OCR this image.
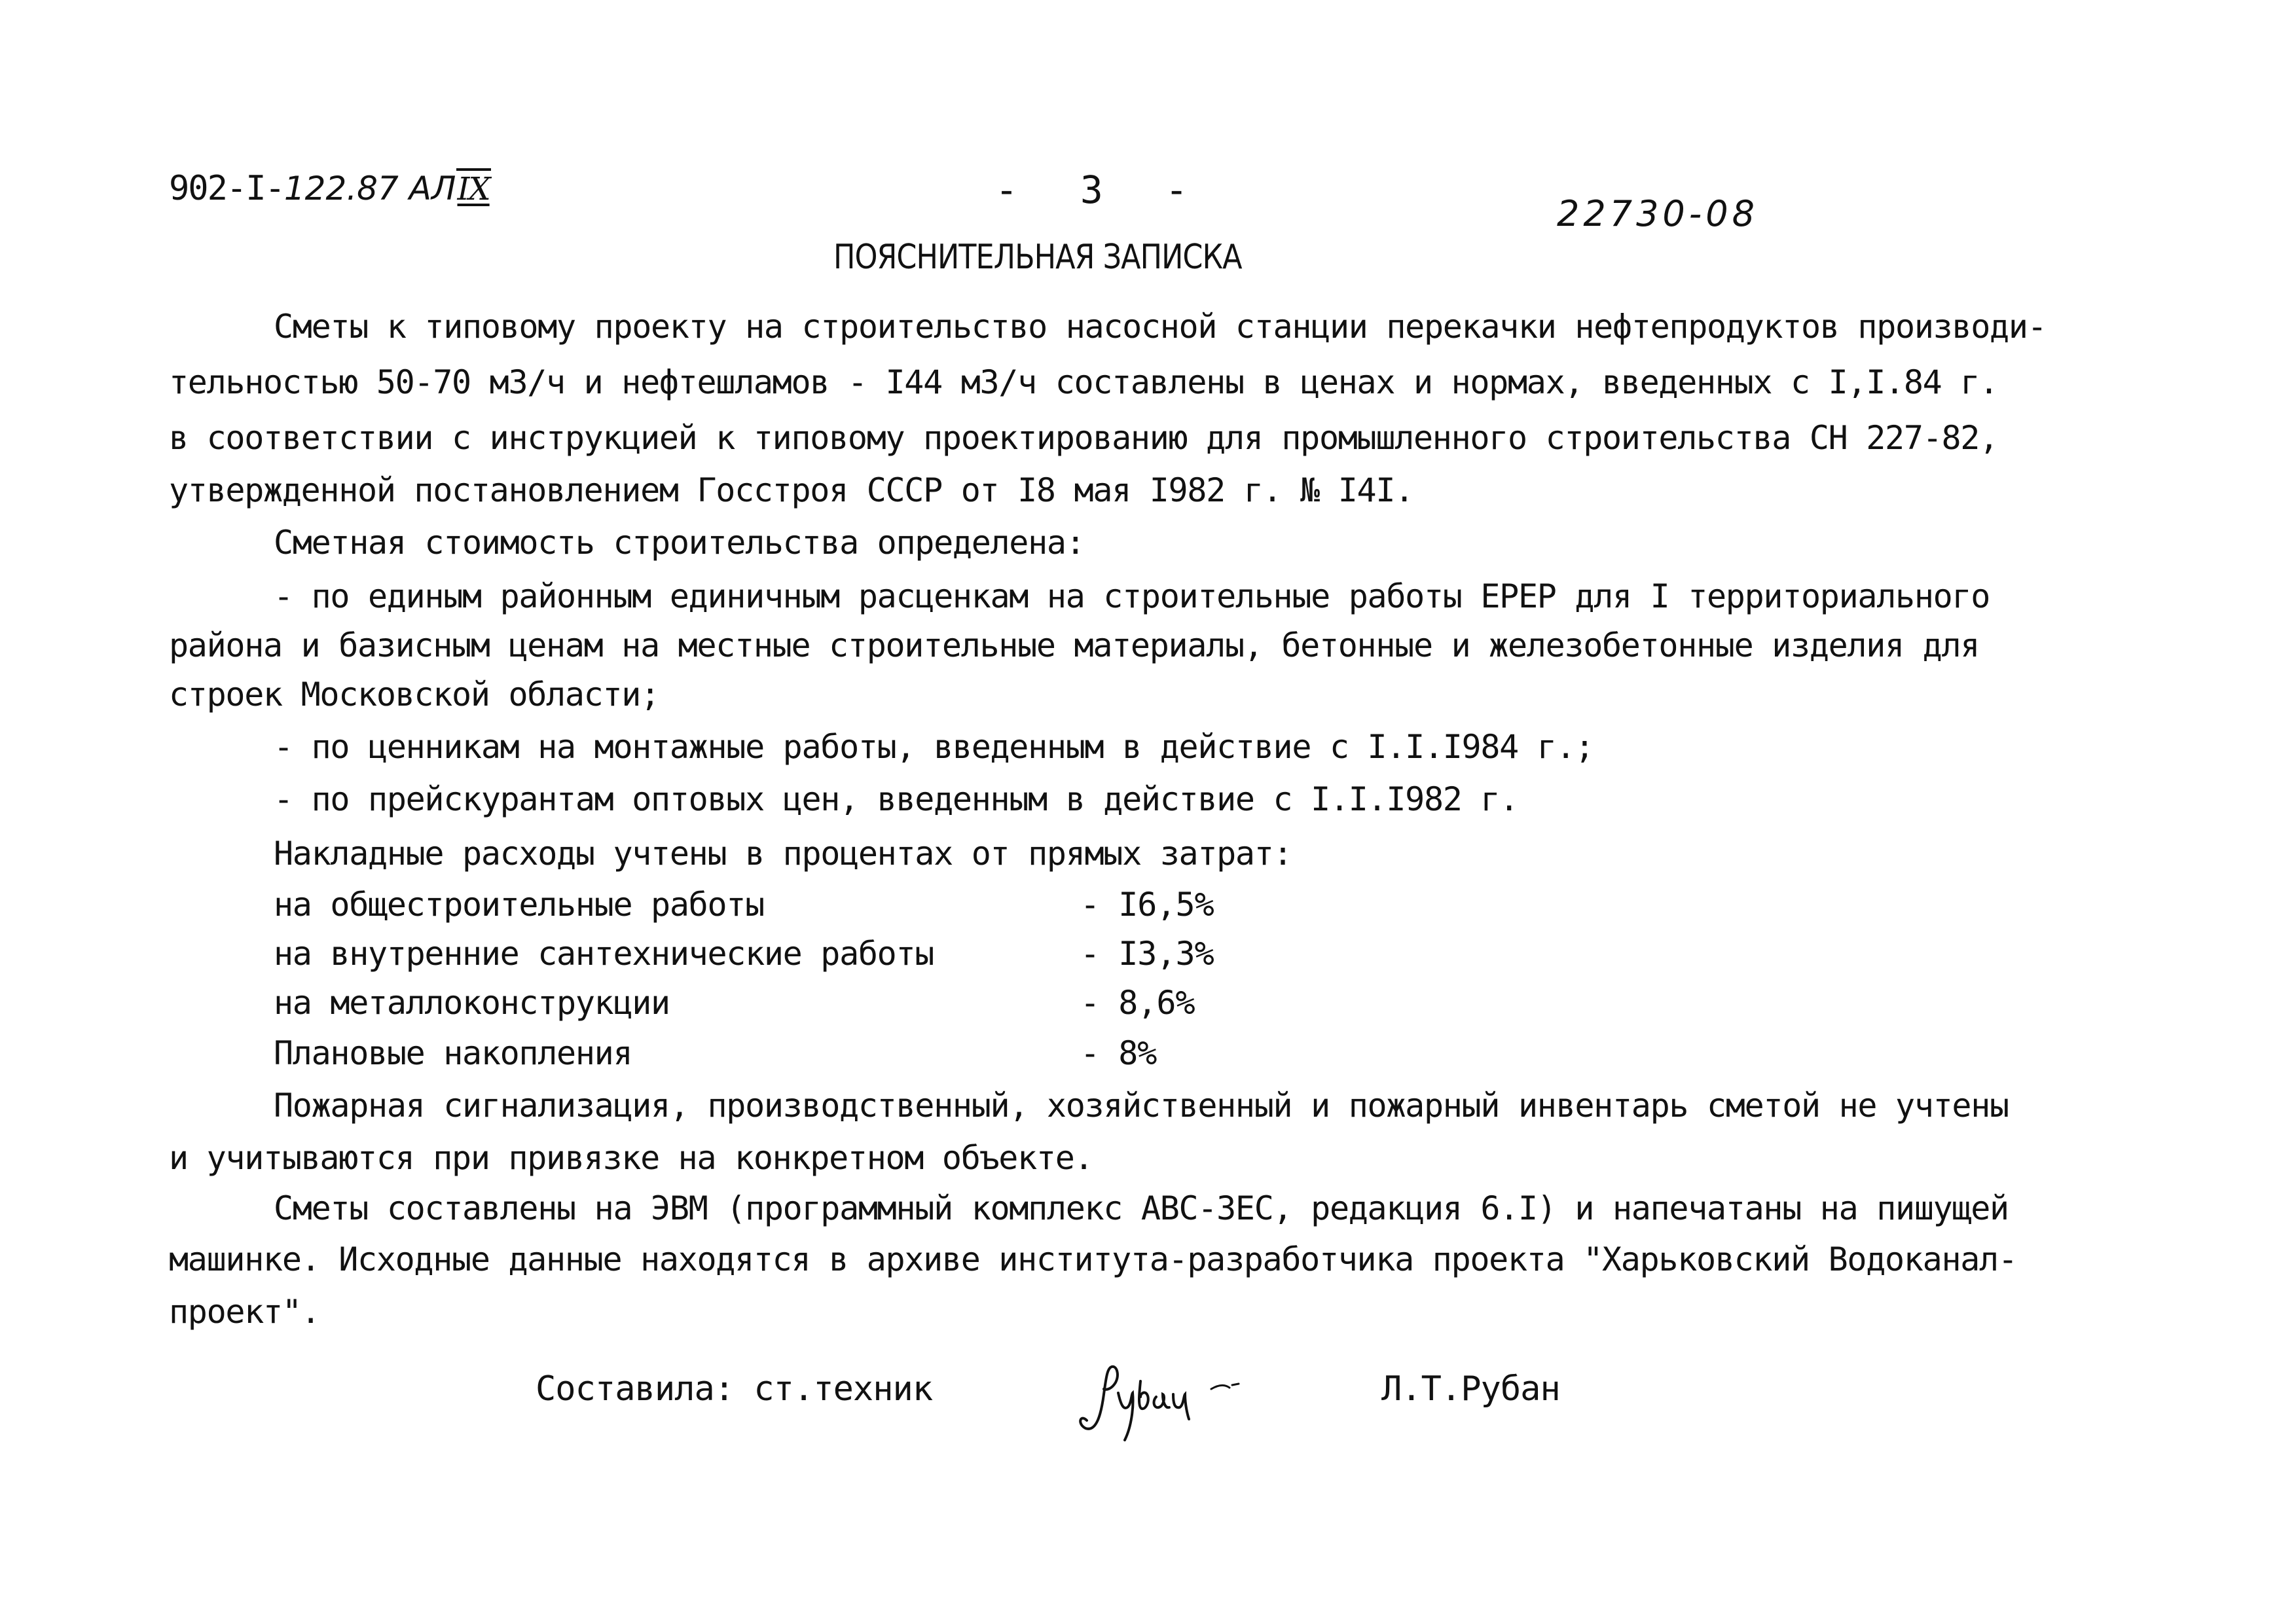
902-I-122.87 АЛIX	- 3 -
22730-08
ПОЯСНИТЕЛЬНАЯ ЗАПИСКА
Сметы к типовому проекту на строительство насосной станции перекачки нефтепродуктов производи-
тельностью 50-70 м3/ч и нефтешламов - I44 м3/ч составлены в ценах и нормах, введенных с I,I.84 г.
в соответствии с инструкцией к типовому проектированию для промышленного строительства СН 227-82,
утвержденной постановлением Госстроя СССР от I8 мая I982 г. № I4I.
Сметная стоимость строительства определена:
- по единым районным единичным расценкам на строительные работы ЕРЕР для I территориального
района и базисным ценам на местные строительные материалы, бетонные и железобетонные изделия для
строек Московской области;
- по ценникам на монтажные работы, введенным в действие с I.I.I984 г.;
- по прейскурантам оптовых цен, введенным в действие с I.I.I982 г.
Накладные расходы учтены в процентах от прямых затрат:
на общестроительные работы	- I6,5%
на внутренние сантехнические работы	- I3,3%
на металлоконструкции	- 8,6%
Плановые накопления	- 8%
Пожарная сигнализация, производственный, хозяйственный и пожарный инвентарь сметой не учтены
и учитываются при привязке на конкретном объекте.
Сметы составлены на ЭВМ (программный комплекс АВС-ЗЕС, редакция 6.I) и напечатаны на пишущей
машинке. Исходные данные находятся в архиве института-разработчика проекта "Харьковский Водоканал-
проект".
Составила: ст.техник	Л.Т.Рубан
